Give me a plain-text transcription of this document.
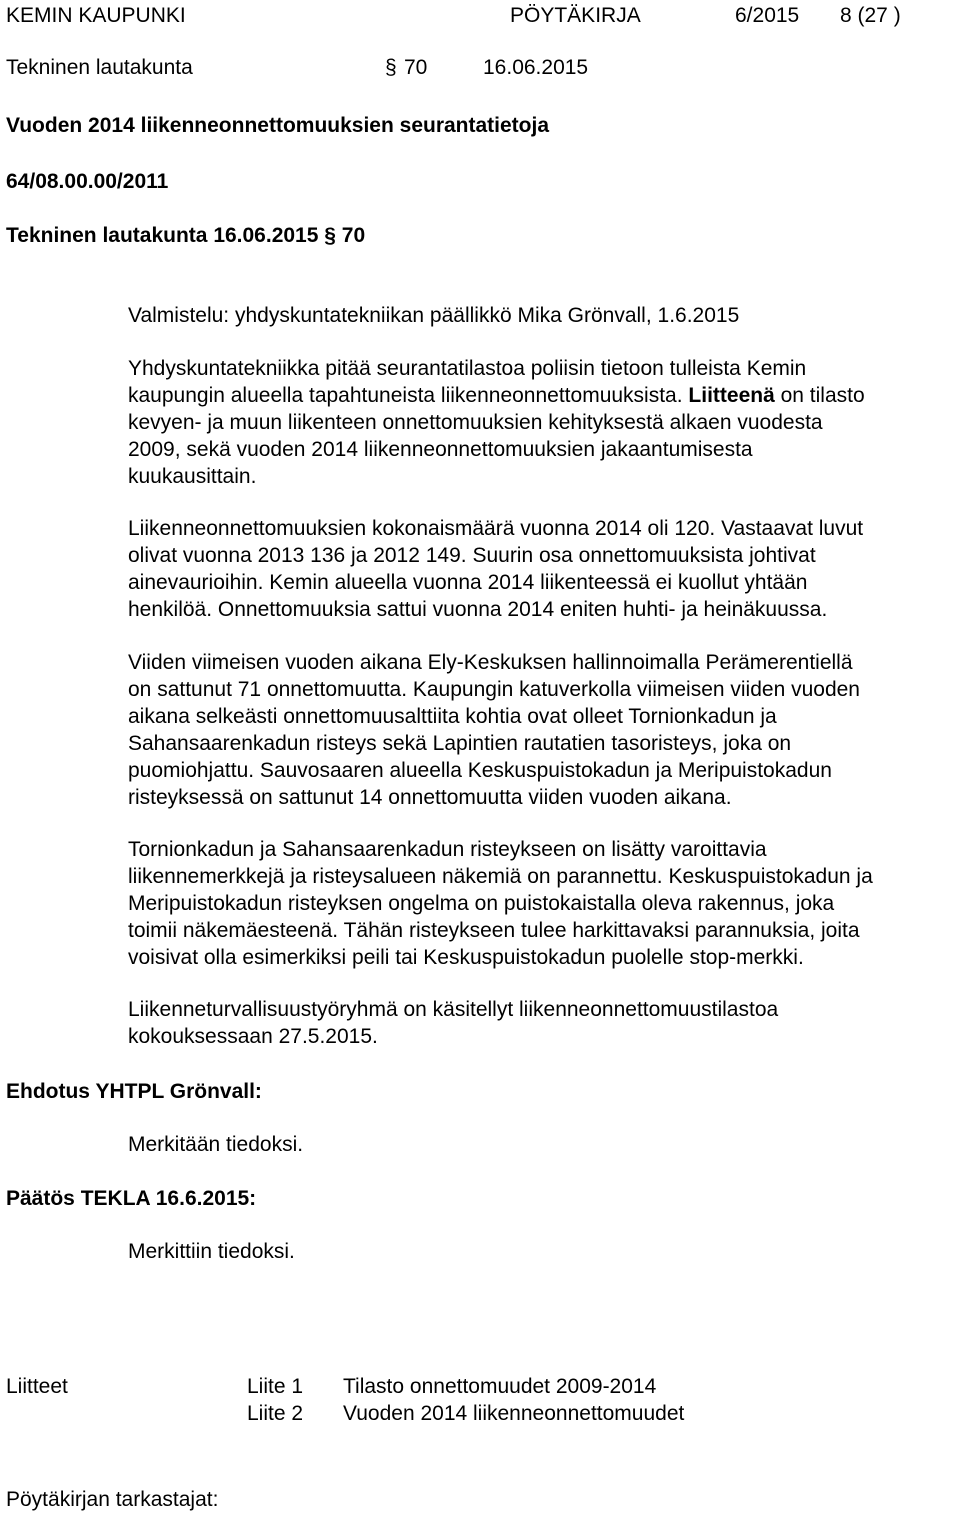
KEMIN KAUPUNKI	PÖYTÄKIRJA	6/2015 8 (27 )
Tekninen lautakunta	§ 70	16.06.2015
Vuoden 2014 liikenneonnettomuuksien seurantatietoja
64/08.00.00/2011
Tekninen lautakunta 16.06.2015 § 70
Valmistelu: yhdyskuntatekniikan päällikkö Mika Grönvall, 1.6.2015

Yhdyskuntatekniikka pitää seurantatilastoa poliisin tietoon tulleista Kemin

kaupungin alueella tapahtuneista liikenneonnettomuuksista. Liitteenä on tilasto

kevyen- ja muun liikenteen onnettomuuksien kehityksestä alkaen vuodesta

2009, sekä vuoden 2014 liikenneonnettomuuksien jakaantumisesta

kuukausittain.

Liikenneonnettomuuksien kokonaismäärä vuonna 2014 oli 120. Vastaavat luvut

olivat vuonna 2013 136 ja 2012 149. Suurin osa onnettomuuksista johtivat

ainevaurioihin. Kemin alueella vuonna 2014 liikenteessä ei kuollut yhtään

henkilöä. Onnettomuuksia sattui vuonna 2014 eniten huhti- ja heinäkuussa.

Viiden viimeisen vuoden aikana Ely-Keskuksen hallinnoimalla Perämerentiellä

on sattunut 71 onnettomuutta. Kaupungin katuverkolla viimeisen viiden vuoden

aikana selkeästi onnettomuusalttiita kohtia ovat olleet Tornionkadun ja

Sahansaarenkadun risteys sekä Lapintien rautatien tasoristeys, joka on

puomiohjattu. Sauvosaaren alueella Keskuspuistokadun ja Meripuistokadun

risteyksessä on sattunut 14 onnettomuutta viiden vuoden aikana.

Tornionkadun ja Sahansaarenkadun risteykseen on lisätty varoittavia

liikennemerkkejä ja risteysalueen näkemiä on parannettu. Keskuspuistokadun ja

Meripuistokadun risteyksen ongelma on puistokaistalla oleva rakennus, joka

toimii näkemäesteenä. Tähän risteykseen tulee harkittavaksi parannuksia, joita

voisivat olla esimerkiksi peili tai Keskuspuistokadun puolelle stop-merkki.

Liikenneturvallisuustyöryhmä on käsitellyt liikenneonnettomuustilastoa

kokouksessaan 27.5.2015.

Ehdotus YHTPL Grönvall:
Merkitään tiedoksi.
Päätös TEKLA 16.6.2015:
Merkittiin tiedoksi.
Liitteet	Liite 1 Tilasto onnettomuudet 2009-2014
Liite 2 Vuoden 2014 liikenneonnettomuudet
Pöytäkirjan tarkastajat:
